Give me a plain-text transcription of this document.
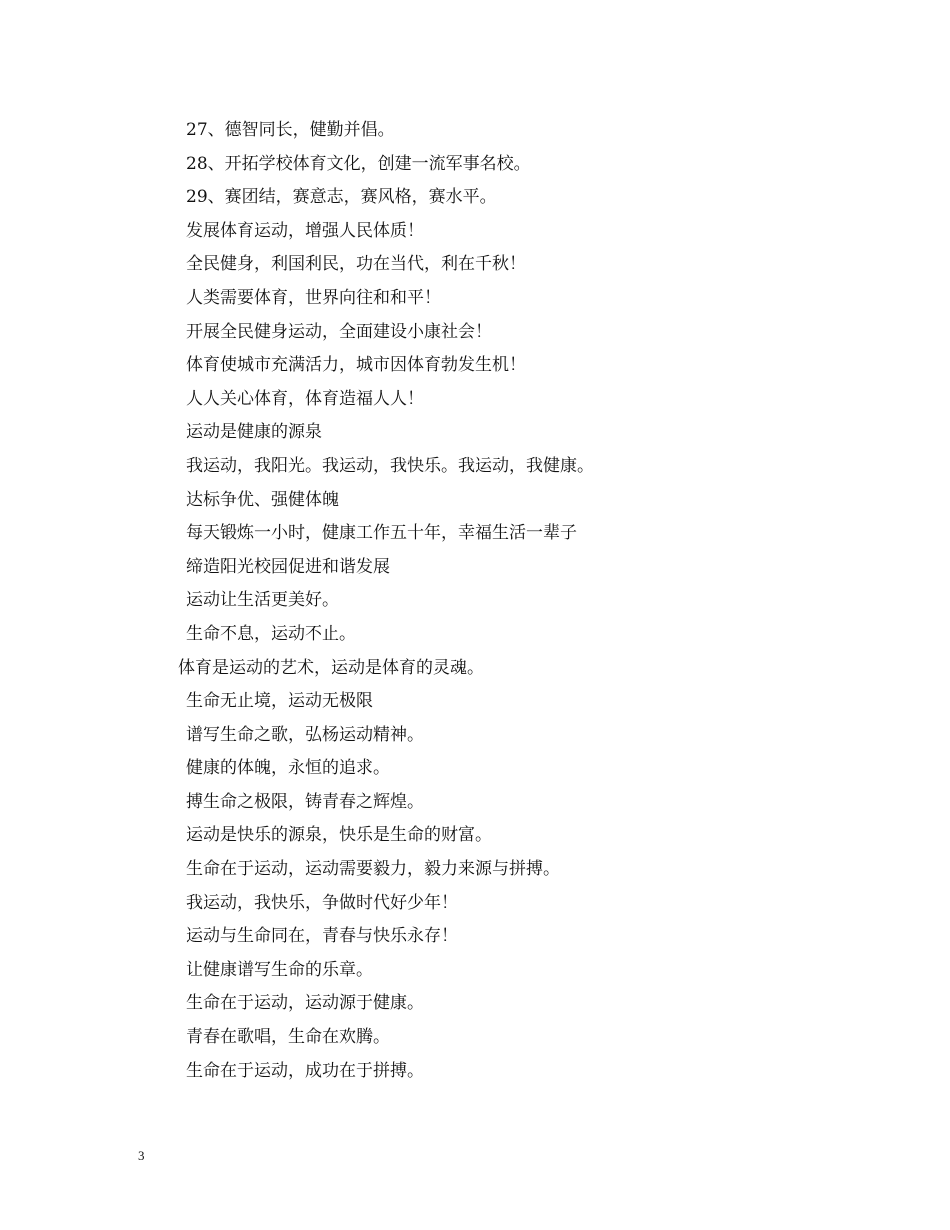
27、德智同长，健勤并倡。
28、开拓学校体育文化，创建一流军事名校。
29、赛团结，赛意志，赛风格，赛水平。
发展体育运动，增强人民体质！
全民健身，利国利民，功在当代，利在千秋！
人类需要体育，世界向往和和平！
开展全民健身运动，全面建设小康社会！
体育使城市充满活力，城市因体育勃发生机！
人人关心体育，体育造福人人！
运动是健康的源泉
我运动，我阳光。我运动，我快乐。我运动，我健康。
达标争优、强健体魄
每天锻炼一小时，健康工作五十年，幸福生活一辈子
缔造阳光校园促进和谐发展
运动让生活更美好。
生命不息，运动不止。
体育是运动的艺术，运动是体育的灵魂。
生命无止境，运动无极限
谱写生命之歌，弘杨运动精神。
健康的体魄，永恒的追求。
搏生命之极限，铸青春之辉煌。
运动是快乐的源泉，快乐是生命的财富。
生命在于运动，运动需要毅力，毅力来源与拼搏。
我运动，我快乐，争做时代好少年！
运动与生命同在，青春与快乐永存！
让健康谱写生命的乐章。
生命在于运动，运动源于健康。
青春在歌唱，生命在欢腾。
生命在于运动，成功在于拼搏。
3
